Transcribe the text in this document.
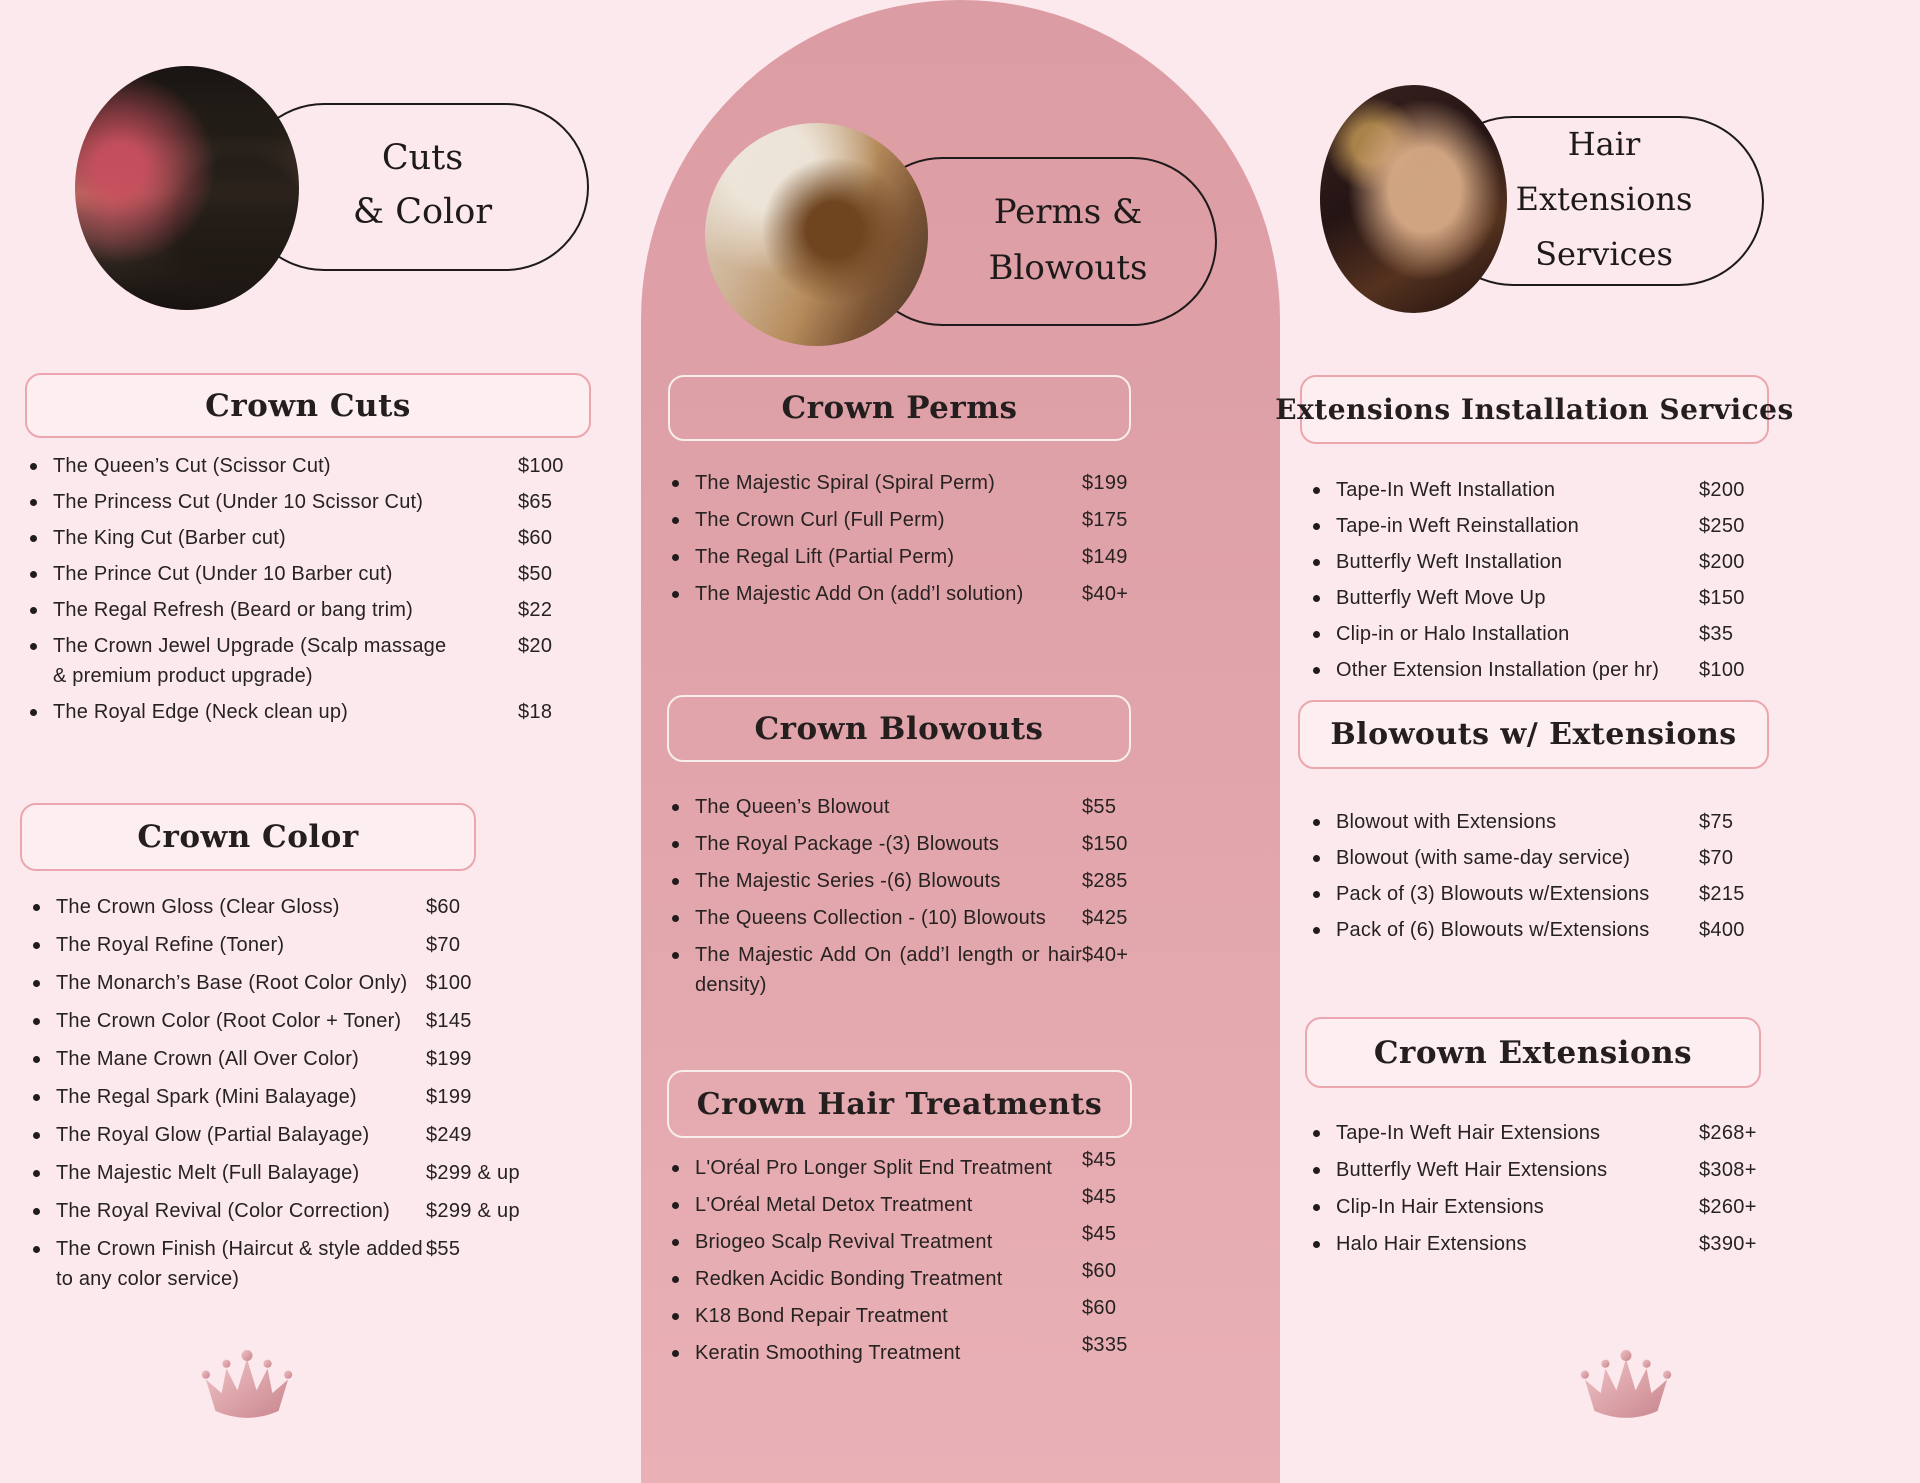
Cuts
& Color	Perms &
Blowouts
Hair
Extensions
Services
Crown Cuts
The Queen’s Cut (Scissor Cut)	$100
The Princess Cut (Under 10 Scissor Cut)	$65
The King Cut (Barber cut)	$60
The Prince Cut (Under 10 Barber cut)	$50
The Regal Refresh (Beard or bang trim)	$22
The Crown Jewel Upgrade (Scalp massage & premium product upgrade)
$20
The Royal Edge (Neck clean up)	$18
Crown Color
The Crown Gloss (Clear Gloss)	$60
The Royal Refine (Toner)	$70
The Monarch’s Base (Root Color Only) $100
The Crown Color (Root Color + Toner)	$145
The Mane Crown (All Over Color)	$199
The Regal Spark (Mini Balayage)	$199
The Royal Glow (Partial Balayage)	$249
The Majestic Melt (Full Balayage)	$299 & up
The Royal Revival (Color Correction)	$299 & up
The Crown Finish (Haircut & style added to any color service)
$55
Crown Perms
The Majestic Spiral (Spiral Perm)	$199
The Crown Curl (Full Perm)	$175
The Regal Lift (Partial Perm)	$149
The Majestic Add On (add’l solution)	$40+
Crown Blowouts
The Queen’s Blowout	$55
The Royal Package -(3) Blowouts	$150
The Majestic Series -(6) Blowouts	$285
The Queens Collection - (10) Blowouts	$425
The Majestic Add On (add’l length or hair density)
$40+
Crown Hair Treatments
L'Oréal Pro Longer Split End Treatment	$45
L'Oréal Metal Detox Treatment	$45
Briogeo Scalp Revival Treatment	$45
Redken Acidic Bonding Treatment	$60
K18 Bond Repair Treatment	$60
Keratin Smoothing Treatment	$335
Extensions Installation Services
Tape-In Weft Installation	$200
Tape-in Weft Reinstallation	$250
Butterfly Weft Installation	$200
Butterfly Weft Move Up	$150
Clip-in or Halo Installation	$35
Other Extension Installation (per hr)	$100
Blowouts w/ Extensions
Blowout with Extensions	$75
Blowout (with same-day service)	$70
Pack of (3) Blowouts w/Extensions	$215
Pack of (6) Blowouts w/Extensions	$400
Crown Extensions
Tape-In Weft Hair Extensions	$268+
Butterfly Weft Hair Extensions	$308+
Clip-In Hair Extensions	$260+
Halo Hair Extensions	$390+
